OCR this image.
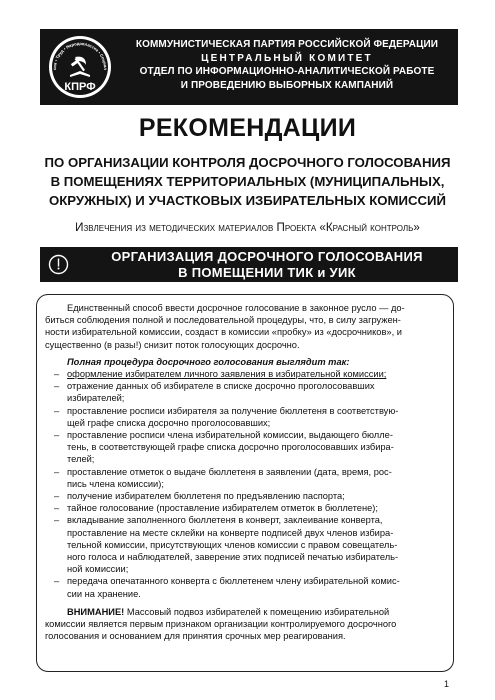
сия • Труд • Народовластие • Социал
КПРФ
КОММУНИСТИЧЕСКАЯ ПАРТИЯ РОССИЙСКОЙ ФЕДЕРАЦИИ
ЦЕНТРАЛЬНЫЙ КОМИТЕТ
ОТДЕЛ ПО ИНФОРМАЦИОННО-АНАЛИТИЧЕСКОЙ РАБОТЕ
И ПРОВЕДЕНИЮ ВЫБОРНЫХ КАМПАНИЙ
РЕКОМЕНДАЦИИ
ПО ОРГАНИЗАЦИИ КОНТРОЛЯ ДОСРОЧНОГО ГОЛОСОВАНИЯ
В ПОМЕЩЕНИЯХ ТЕРРИТОРИАЛЬНЫХ (МУНИЦИПАЛЬНЫХ,
ОКРУЖНЫХ) И УЧАСТКОВЫХ ИЗБИРАТЕЛЬНЫХ КОМИССИЙ
Извлечения из методических материалов Проекта «Красный контроль»
ОРГАНИЗАЦИЯ ДОСРОЧНОГО ГОЛОСОВАНИЯ
В ПОМЕЩЕНИИ ТИК и УИК

Единственный способ ввести досрочное голосование в законное русло — до-
биться соблюдения полной и последовательной процедуры, что, в силу загружен-
ности избирательной комиссии, создаст в комиссии «пробку» из «досрочников», и
существенно (в разы!) снизит поток голосующих досрочно.

Полная процедура досрочного голосования выглядит так:

– оформление избирателем личного заявления в избирательной комиссии;
– отражение данных об избирателе в списке досрочно проголосовавших
избирателей;
– проставление росписи избирателя за получение бюллетеня в соответствую-
щей графе списка досрочно проголосовавших;
– проставление росписи члена избирательной комиссии, выдающего бюлле-
тень, в соответствующей графе списка досрочно проголосовавших избира-
телей;
– проставление отметок о выдаче бюллетеня в заявлении (дата, время, рос-
пись члена комиссии);
– получение избирателем бюллетеня по предъявлению паспорта;
– тайное голосование (проставление избирателем отметок в бюллетене);
– вкладывание заполненного бюллетеня в конверт, заклеивание конверта,
проставление на месте склейки на конверте подписей двух членов избира-
тельной комиссии, присутствующих членов комиссии с правом совещатель-
ного голоса и наблюдателей, заверение этих подписей печатью избиратель-
ной комиссии;
– передача опечатанного конверта с бюллетенем члену избирательной комис-
сии на хранение.
ВНИМАНИЕ! Массовый подвоз избирателей к помещению избирательной
комиссии является первым признаком организации контролируемого досрочного
голосования и основанием для принятия срочных мер реагирования.
1
